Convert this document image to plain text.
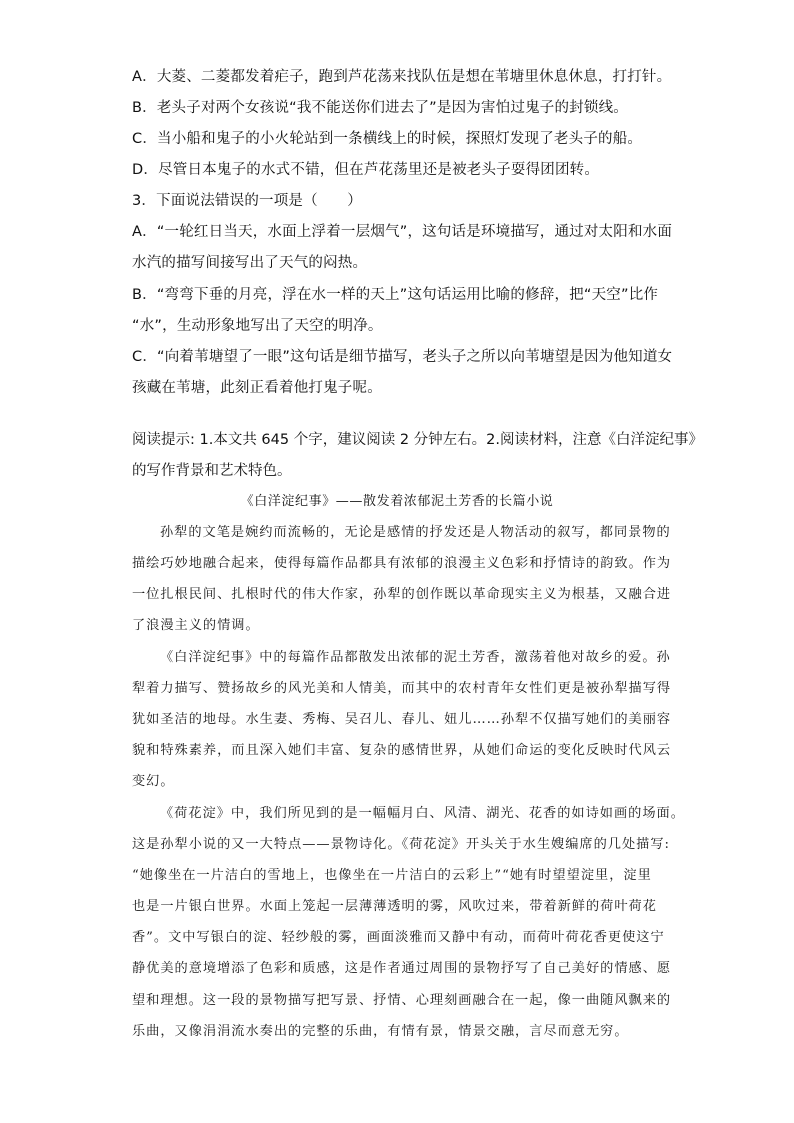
A．大菱、二菱都发着疟子，跑到芦花荡来找队伍是想在苇塘里休息休息，打打针。
B．老头子对两个女孩说“我不能送你们进去了”是因为害怕过鬼子的封锁线。
C．当小船和鬼子的小火轮站到一条横线上的时候，探照灯发现了老头子的船。
D．尽管日本鬼子的水式不错，但在芦花荡里还是被老头子耍得团团转。
3．下面说法错误的一项是（　　）
A．“一轮红日当天，水面上浮着一层烟气”，这句话是环境描写，通过对太阳和水面
水汽的描写间接写出了天气的闷热。
B．“弯弯下垂的月亮，浮在水一样的天上”这句话运用比喻的修辞，把“天空”比作
“水”，生动形象地写出了天空的明净。
C．“向着苇塘望了一眼”这句话是细节描写，老头子之所以向苇塘望是因为他知道女
孩藏在苇塘，此刻正看着他打鬼子呢。
阅读提示: 1.本文共 645 个字，建议阅读 2 分钟左右。2.阅读材料，注意《白洋淀纪事》
的写作背景和艺术特色。
《白洋淀纪事》——散发着浓郁泥土芳香的长篇小说
孙犁的文笔是婉约而流畅的，无论是感情的抒发还是人物活动的叙写，都同景物的
描绘巧妙地融合起来，使得每篇作品都具有浓郁的浪漫主义色彩和抒情诗的韵致。作为
一位扎根民间、扎根时代的伟大作家，孙犁的创作既以革命现实主义为根基，又融合进
了浪漫主义的情调。
《白洋淀纪事》中的每篇作品都散发出浓郁的泥土芳香，激荡着他对故乡的爱。孙
犁着力描写、赞扬故乡的风光美和人情美，而其中的农村青年女性们更是被孙犁描写得
犹如圣洁的地母。水生妻、秀梅、吴召儿、春儿、妞儿……孙犁不仅描写她们的美丽容
貌和特殊素养，而且深入她们丰富、复杂的感情世界，从她们命运的变化反映时代风云
变幻。
《荷花淀》中，我们所见到的是一幅幅月白、风清、湖光、花香的如诗如画的场面。
这是孙犁小说的又一大特点——景物诗化。《荷花淀》开头关于水生嫂编席的几处描写:
“她像坐在一片洁白的雪地上，也像坐在一片洁白的云彩上”“她有时望望淀里，淀里
也是一片银白世界。水面上笼起一层薄薄透明的雾，风吹过来，带着新鲜的荷叶荷花
香”。文中写银白的淀、轻纱般的雾，画面淡雅而又静中有动，而荷叶荷花香更使这宁
静优美的意境增添了色彩和质感，这是作者通过周围的景物抒写了自己美好的情感、愿
望和理想。这一段的景物描写把写景、抒情、心理刻画融合在一起，像一曲随风飘来的
乐曲，又像涓涓流水奏出的完整的乐曲，有情有景，情景交融，言尽而意无穷。
